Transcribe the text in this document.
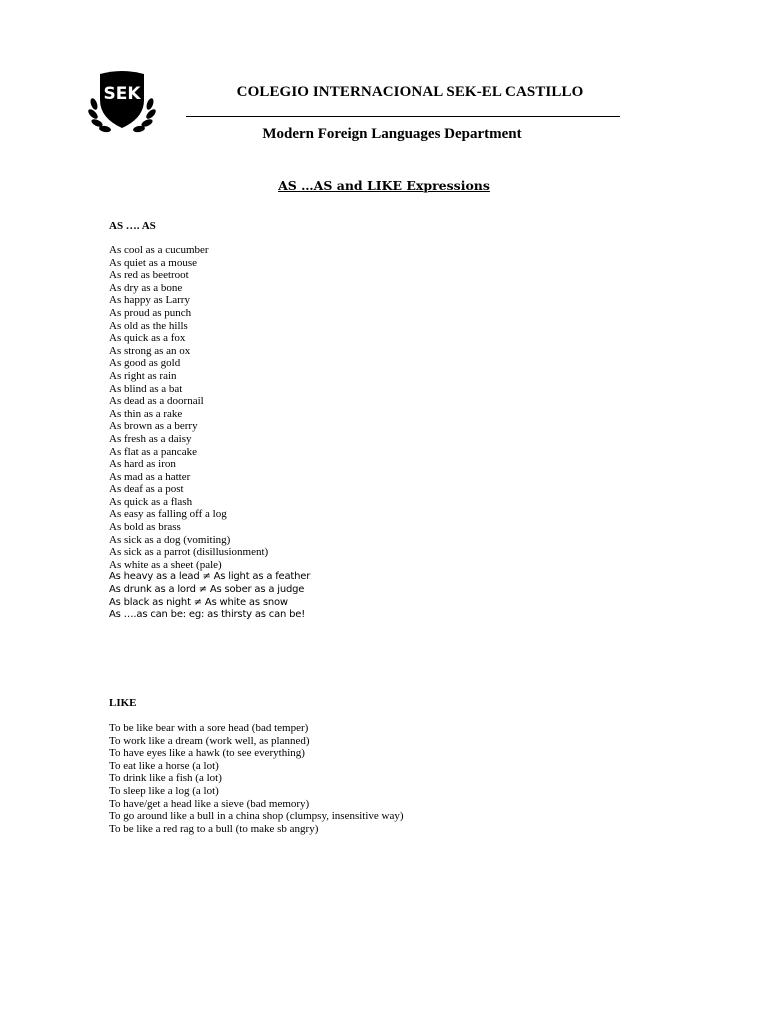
SEK	COLEGIO INTERNACIONAL SEK-EL CASTILLO
Modern Foreign Languages Department
AS …AS and LIKE Expressions
AS …. AS
As cool as a cucumber
As quiet as a mouse
As red as beetroot
As dry as a bone
As happy as Larry
As proud as punch
As old as the hills
As quick as a fox
As strong as an ox
As good as gold
As right as rain
As blind as a bat
As dead as a doornail
As thin as a rake
As brown as a berry
As fresh as a daisy
As flat as a pancake
As hard as iron
As mad as a hatter
As deaf as a post
As quick as a flash
As easy as falling off a log
As bold as brass
As sick as a dog (vomiting)
As sick as a parrot (disillusionment)
As white as a sheet (pale)
As heavy as a lead ≠ As light as a feather
As drunk as a lord ≠ As sober as a judge
As black as night ≠ As white as snow
As ….as can be: eg: as thirsty as can be!
LIKE
To be like bear with a sore head (bad temper)
To work like a dream (work well, as planned)
To have eyes like a hawk (to see everything)
To eat like a horse (a lot)
To drink like a fish (a lot)
To sleep like a log (a lot)
To have/get a head like a sieve (bad memory)
To go around like a bull in a china shop (clumpsy, insensitive way)
To be like a red rag to a bull (to make sb angry)
